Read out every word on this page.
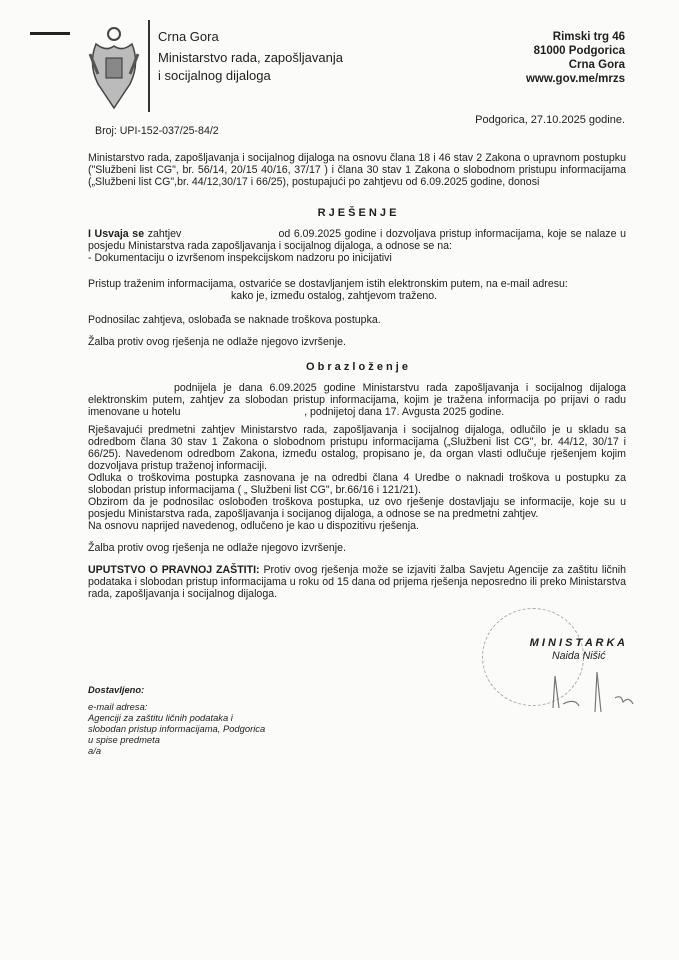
Crna Gora
Ministarstvo rada, zapošljavanja
i socijalnog dijaloga
Rimski trg 46
81000 Podgorica
Crna Gora
www.gov.me/mrzs
Podgorica, 27.10.2025 godine.
Broj: UPI-152-037/25-84/2
Ministarstvo rada, zapošljavanja i socijalnog dijaloga na osnovu člana 18 i 46 stav 2 Zakona o upravnom postupku ("Službeni list CG", br. 56/14, 20/15 40/16, 37/17 ) i člana 30 stav 1 Zakona o slobodnom pristupu informacijama („Službeni list CG",br. 44/12,30/17 i 66/25), postupajući po zahtjevu od 6.09.2025 godine, donosi
R J E Š E N J E
I Usvaja se zahtjev                           od 6.09.2025 godine i dozvoljava pristup informacijama, koje se nalaze u posjedu Ministarstva rada zapošljavanja i socijalnog dijaloga, a odnose se na:
- Dokumentaciju o izvršenom inspekcijskom nadzoru po inicijativi
Pristup traženim informacijama, ostvariće se dostavljanjem istih elektronskim putem, na e-mail adresu:
kako je, između ostalog, zahtjevom traženo.
Podnosilac zahtjeva, oslobađa se naknade troškova postupka.
Žalba protiv ovog rješenja ne odlaže njegovo izvršenje.
O b r a z l o ž e n j e
podnijela je dana 6.09.2025 godine Ministarstvu rada zapošljavanja i socijalnog dijaloga elektronskim putem, zahtjev za slobodan pristup informacijama, kojim je tražena informacija po prijavi o radu imenovane u hotelu                                          , podnijetoj dana 17. Avgusta 2025 godine.
Rješavajući predmetni zahtjev Ministarstvo rada, zapošljavanja i socijalnog dijaloga, odlučilo je u skladu sa odredbom člana 30 stav 1 Zakona o slobodnom pristupu informacijama („Službeni list CG", br. 44/12, 30/17 i 66/25). Navedenom odredbom Zakona, između ostalog, propisano je, da organ vlasti odlučuje rješenjem kojim dozvoljava pristup traženoj informaciji.
Odluka o troškovima postupka zasnovana je na odredbi člana 4 Uredbe o naknadi troškova u postupku za slobodan pristup informacijama ( „ Službeni list CG", br.66/16 i 121/21).
Obzirom da je podnosilac oslobođen troškova postupka, uz ovo rješenje dostavljaju se informacije, koje su u posjedu Ministarstva rada, zapošljavanja i socijanog dijaloga, a odnose se na predmetni zahtjev.
Na osnovu naprijed navedenog, odlučeno je kao u dispozitivu rješenja.
Žalba protiv ovog rješenja ne odlaže njegovo izvršenje.
UPUTSTVO O PRAVNOJ ZAŠTITI: Protiv ovog rješenja može se izjaviti žalba Savjetu Agencije za zaštitu ličnih podataka i slobodan pristup informacijama u roku od 15 dana od prijema rješenja neposredno ili preko Ministarstva rada, zapošljavanja i socijalnog dijaloga.
M I N I S T A R K A
Naida Nišić
Dostavljeno:
e-mail adresa:
Agenciji za zaštitu ličnih podataka i
slobodan pristup informacijama, Podgorica
u spise predmeta
a/a
